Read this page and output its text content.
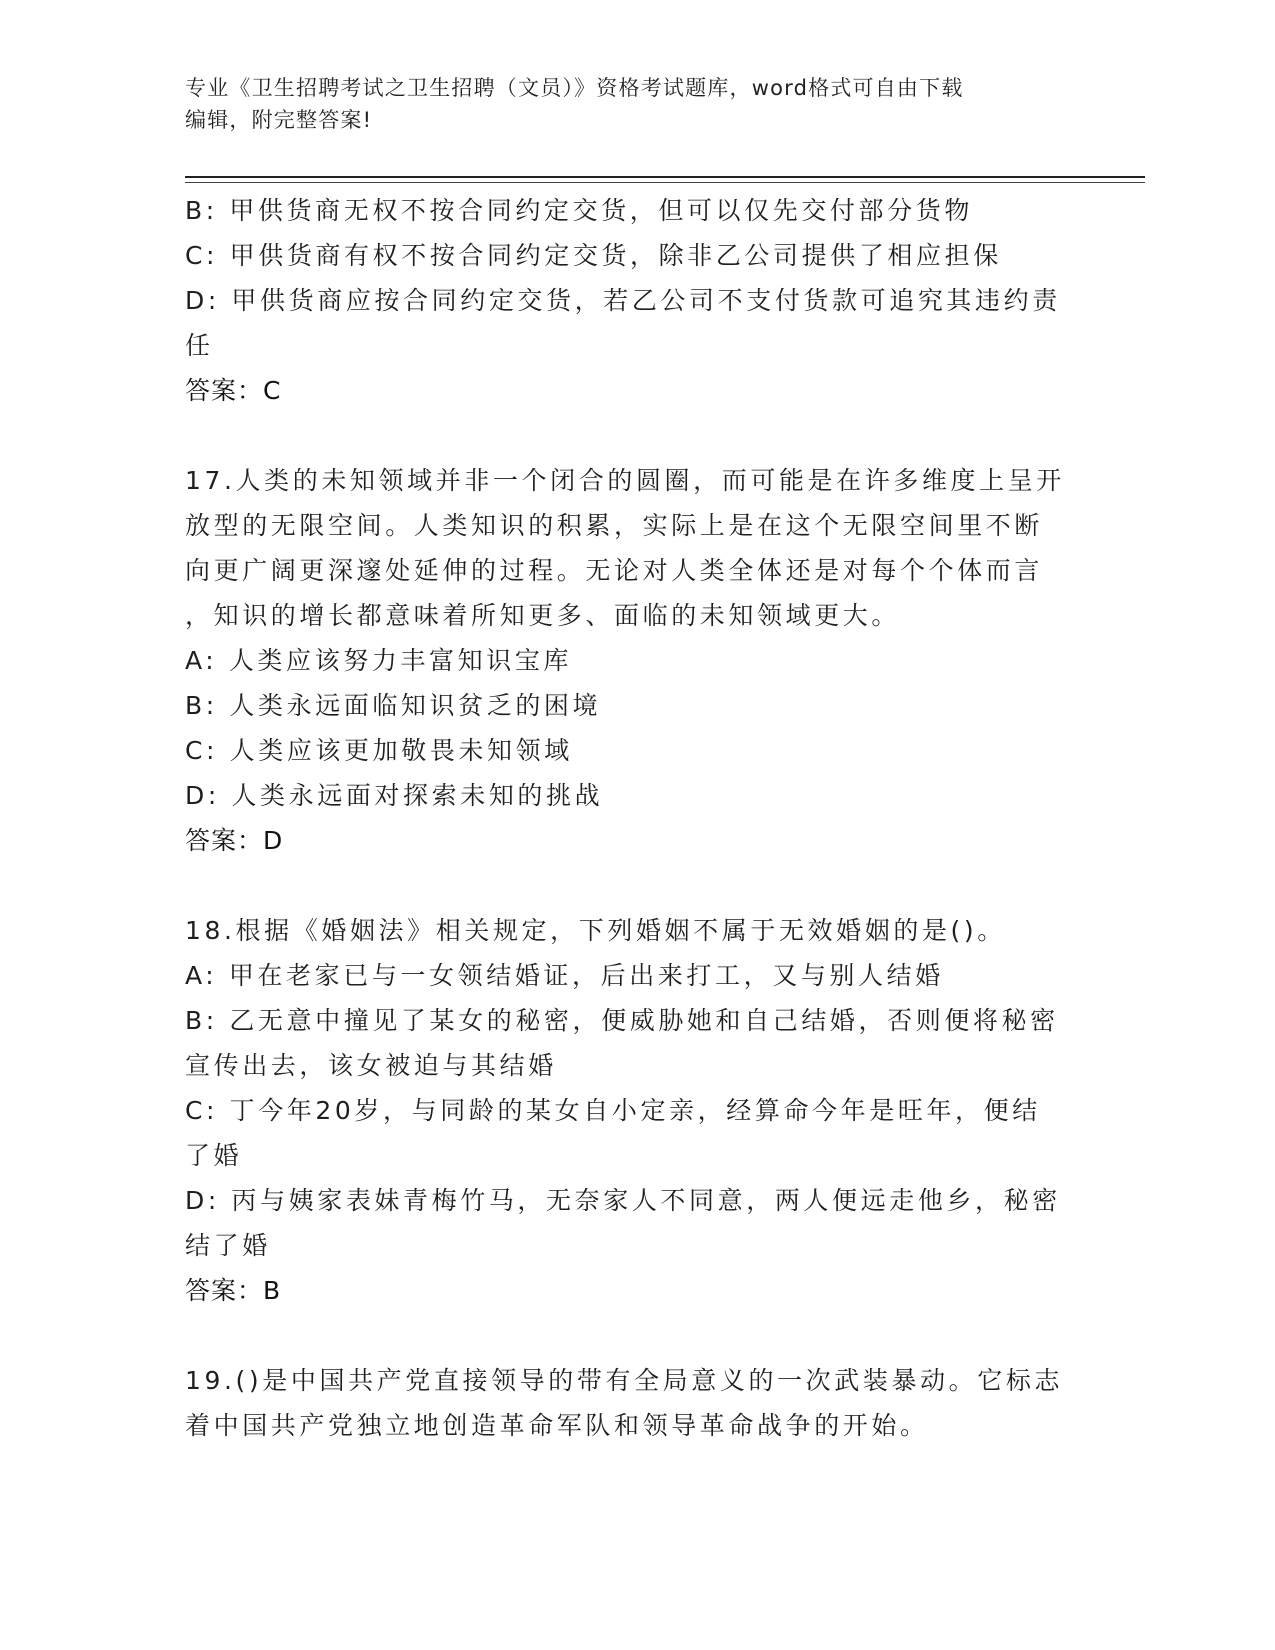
专业《卫生招聘考试之卫生招聘（文员）》资格考试题库，word格式可自由下载
编辑，附完整答案!

B: 甲供货商无权不按合同约定交货，但可以仅先交付部分货物

C: 甲供货商有权不按合同约定交货，除非乙公司提供了相应担保

D: 甲供货商应按合同约定交货，若乙公司不支付货款可追究其违约责

任

答案：C

17.人类的未知领域并非一个闭合的圆圈，而可能是在许多维度上呈开

放型的无限空间。人类知识的积累，实际上是在这个无限空间里不断

向更广阔更深邃处延伸的过程。无论对人类全体还是对每个个体而言

，知识的增长都意味着所知更多、面临的未知领域更大。

A: 人类应该努力丰富知识宝库

B: 人类永远面临知识贫乏的困境

C: 人类应该更加敬畏未知领域

D: 人类永远面对探索未知的挑战

答案：D

18.根据《婚姻法》相关规定，下列婚姻不属于无效婚姻的是()。

A: 甲在老家已与一女领结婚证，后出来打工，又与别人结婚

B: 乙无意中撞见了某女的秘密，便威胁她和自己结婚，否则便将秘密

宣传出去，该女被迫与其结婚

C: 丁今年20岁，与同龄的某女自小定亲，经算命今年是旺年，便结

了婚

D: 丙与姨家表妹青梅竹马，无奈家人不同意，两人便远走他乡，秘密

结了婚

答案：B

19.()是中国共产党直接领导的带有全局意义的一次武装暴动。它标志

着中国共产党独立地创造革命军队和领导革命战争的开始。
